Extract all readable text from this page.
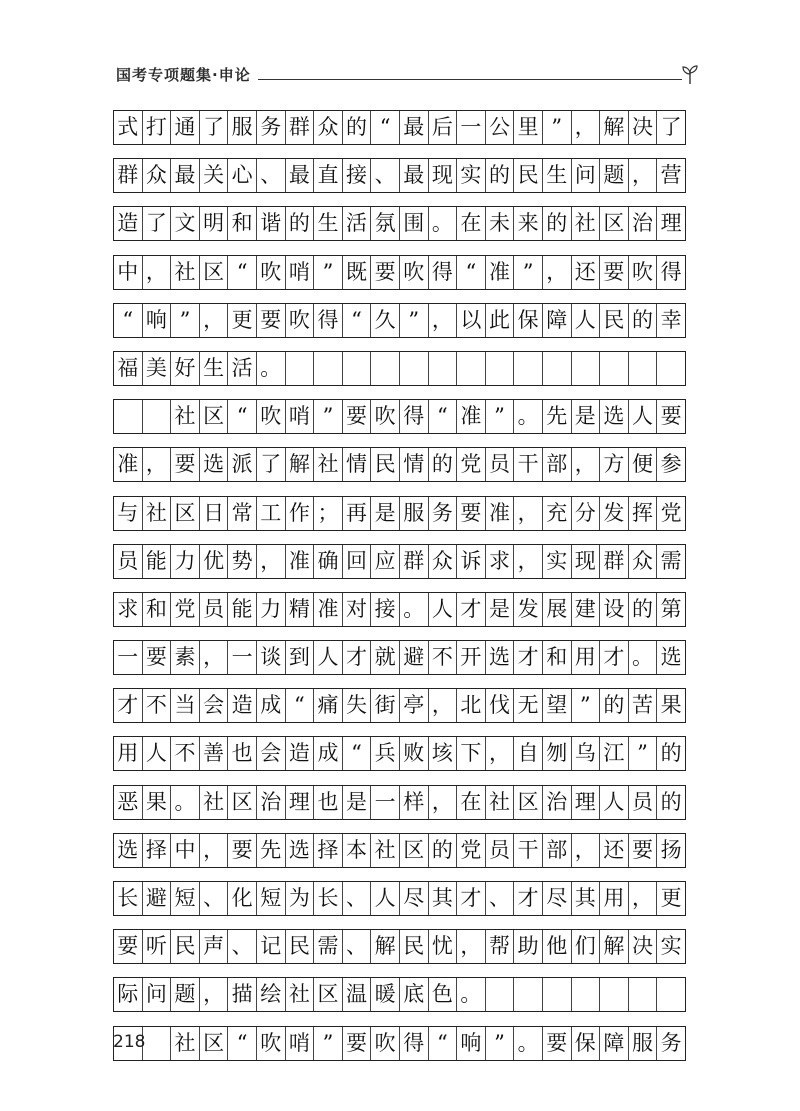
国考专项题集·申论
式 打 通 了 服 务 群 众 的 “ 最 后 一 公 里 ” ， 解 决 了
群 众 最 关 心 、 最 直 接 、 最 现 实 的 民 生 问 题 ， 营
造 了 文 明 和 谐 的 生 活 氛 围 。 在 未 来 的 社 区 治 理
中 ， 社 区 “ 吹 哨 ” 既 要 吹 得 “ 准 ” ， 还 要 吹 得
“ 响 ” ， 更 要 吹 得 “ 久 ” ， 以 此 保 障 人 民 的 幸
福 美 好 生 活 。
社 区 “ 吹 哨 ” 要 吹 得 “ 准 ” 。 先 是 选 人 要
准 ， 要 选 派 了 解 社 情 民 情 的 党 员 干 部 ， 方 便 参
与 社 区 日 常 工 作 ； 再 是 服 务 要 准 ， 充 分 发 挥 党
员 能 力 优 势 ， 准 确 回 应 群 众 诉 求 ， 实 现 群 众 需
求 和 党 员 能 力 精 准 对 接 。 人 才 是 发 展 建 设 的 第
一 要 素 ， 一 谈 到 人 才 就 避 不 开 选 才 和 用 才 。 选
才 不 当 会 造 成 “ 痛 失 街 亭 ， 北 伐 无 望 ” 的 苦 果
用 人 不 善 也 会 造 成 “ 兵 败 垓 下 ， 自 刎 乌 江 ” 的
恶 果 。 社 区 治 理 也 是 一 样 ， 在 社 区 治 理 人 员 的
选 择 中 ， 要 先 选 择 本 社 区 的 党 员 干 部 ， 还 要 扬
长 避 短 、 化 短 为 长 、 人 尽 其 才 、 才 尽 其 用 ， 更
要 听 民 声 、 记 民 需 、 解 民 忧 ， 帮 助 他 们 解 决 实
际 问 题 ， 描 绘 社 区 温 暖 底 色 。
社 区 “ 吹 哨 ” 要 吹 得 “ 响 ” 。 要 保 障 服 务
218
